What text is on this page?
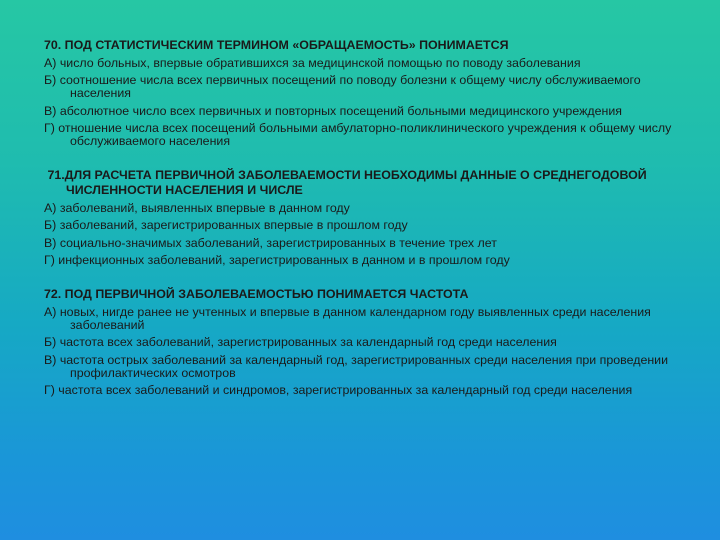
70. ПОД СТАТИСТИЧЕСКИМ ТЕРМИНОМ «ОБРАЩАЕМОСТЬ» ПОНИМАЕТСЯ

А) число больных, впервые обратившихся за медицинской помощью по поводу заболевания
Б) соотношение числа всех первичных посещений по поводу болезни к общему числу обслуживаемого населения
В) абсолютное число всех первичных и повторных посещений больными медицинского учреждения
Г) отношение числа всех посещений больными амбулаторно-поликлинического учреждения к общему числу обслуживаемого населения

71.ДЛЯ РАСЧЕТА ПЕРВИЧНОЙ ЗАБОЛЕВАЕМОСТИ НЕОБХОДИМЫ ДАННЫЕ О СРЕДНЕГОДОВОЙ ЧИСЛЕННОСТИ НАСЕЛЕНИЯ И ЧИСЛЕ

А) заболеваний, выявленных впервые в данном году
Б) заболеваний, зарегистрированных впервые в прошлом году
В) социально-значимых заболеваний, зарегистрированных в течение трех лет
Г) инфекционных заболеваний, зарегистрированных в данном и в прошлом году

72. ПОД ПЕРВИЧНОЙ ЗАБОЛЕВАЕМОСТЬЮ ПОНИМАЕТСЯ ЧАСТОТА

А) новых, нигде ранее не учтенных и впервые в данном календарном году выявленных среди населения заболеваний
Б) частота всех заболеваний, зарегистрированных за календарный год среди населения
В) частота острых заболеваний за календарный год, зарегистрированных среди населения при проведении профилактических осмотров
Г) частота всех заболеваний и синдромов, зарегистрированных за календарный год среди населения
